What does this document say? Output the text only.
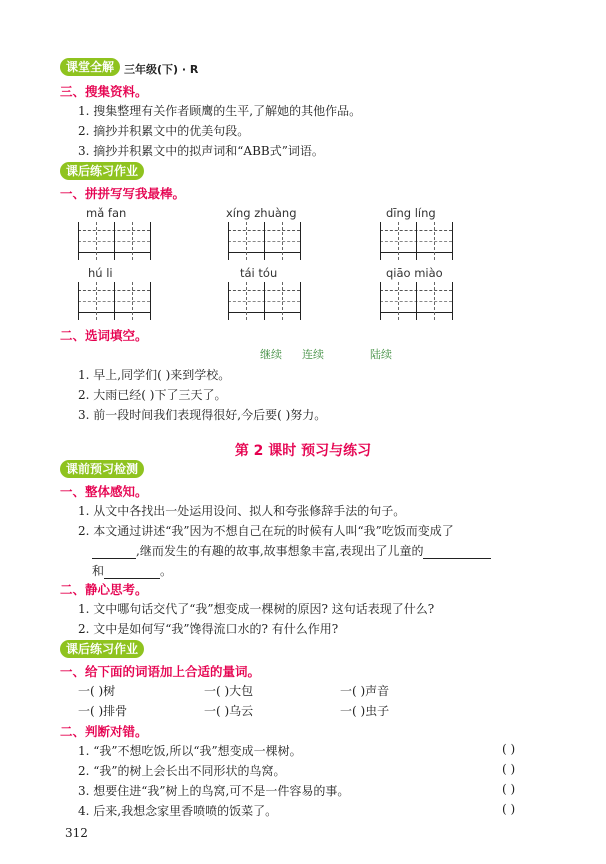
课堂全解 三年级(下) · R
三、搜集资料。
1. 搜集整理有关作者顾鹰的生平,了解她的其他作品。
2. 摘抄并积累文中的优美句段。
3. 摘抄并积累文中的拟声词和“ABB式”词语。
课后练习作业
一、拼拼写写我最棒。
mǎ fan	xíng zhuàng	dīng líng
hú li	tái tóu	qiāo miào
二、选词填空。
继续 连续	陆续
1. 早上,同学们( )来到学校。
2. 大雨已经( )下了三天了。
3. 前一段时间我们表现得很好,今后要( )努力。
第 2 课时 预习与练习
课前预习检测
一、整体感知。
1. 从文中各找出一处运用设问、拟人和夸张修辞手法的句子。
2. 本文通过讲述“我”因为不想自己在玩的时候有人叫“我”吃饭而变成了
,继而发生的有趣的故事,故事想象丰富,表现出了儿童的
和	。
二、静心思考。
1. 文中哪句话交代了“我”想变成一棵树的原因? 这句话表现了什么?
2. 文中是如何写“我”馋得流口水的? 有什么作用?
课后练习作业
一、给下面的词语加上合适的量词。
一( )树	一( )大包	一( )声音
一( )排骨	一( )乌云	一( )虫子
二、判断对错。
1. “我”不想吃饭,所以“我”想变成一棵树。	( )
2. “我”的树上会长出不同形状的鸟窝。	( )
3. 想要住进“我”树上的鸟窝,可不是一件容易的事。	( )
4. 后来,我想念家里香喷喷的饭菜了。	( )
312
